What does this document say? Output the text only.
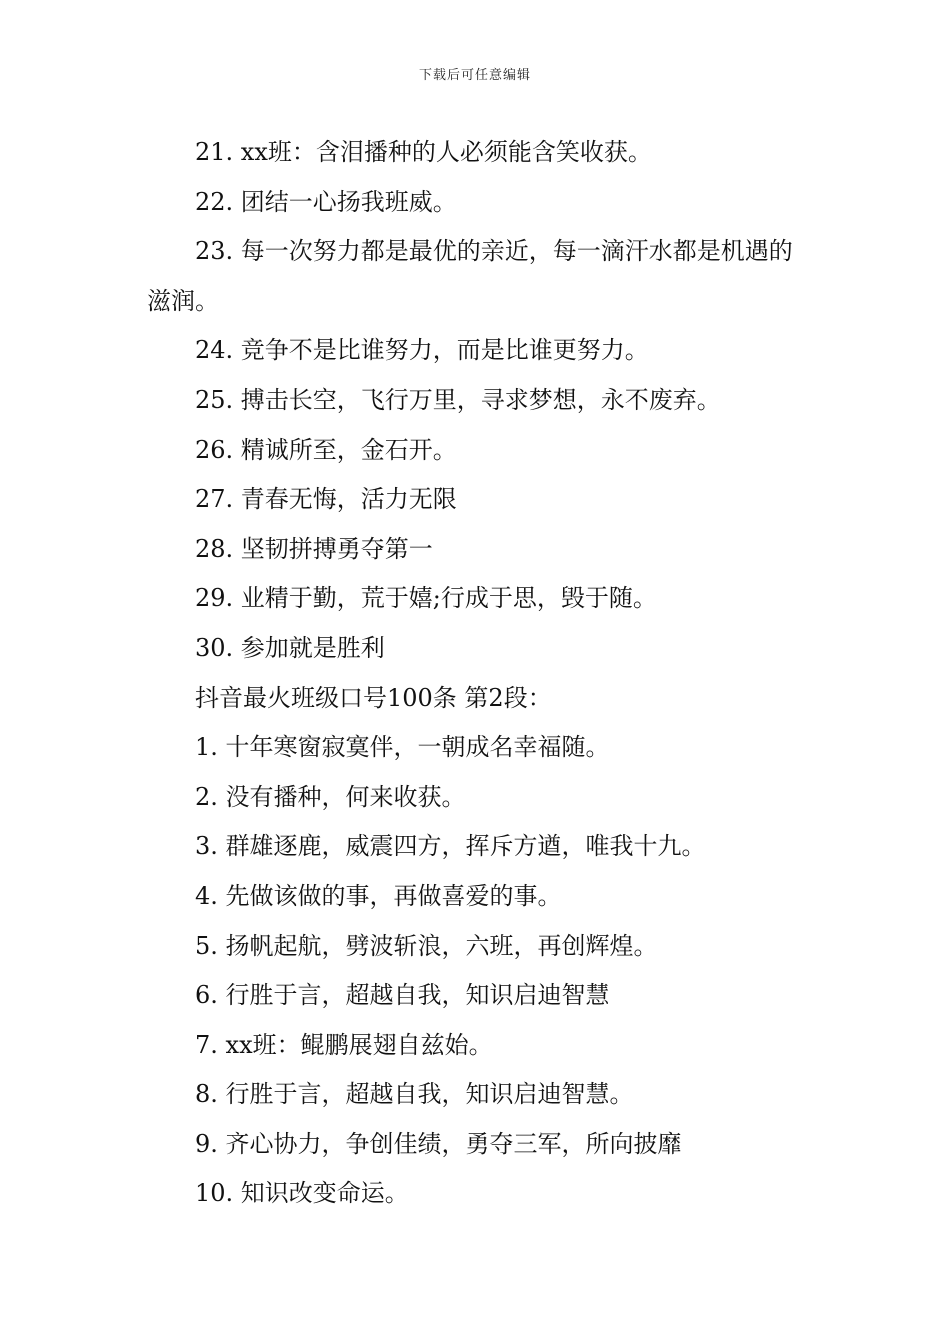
下载后可任意编辑

21. xx班：含泪播种的人必须能含笑收获。

22. 团结一心扬我班威。

23. 每一次努力都是最优的亲近，每一滴汗水都是机遇的滋润。

24. 竞争不是比谁努力，而是比谁更努力。

25. 搏击长空，飞行万里，寻求梦想，永不废弃。

26. 精诚所至，金石开。

27. 青春无悔，活力无限

28. 坚韧拼搏勇夺第一

29. 业精于勤，荒于嬉;行成于思，毁于随。

30. 参加就是胜利

抖音最火班级口号100条 第2段：

1. 十年寒窗寂寞伴，一朝成名幸福随。

2. 没有播种，何来收获。

3. 群雄逐鹿，威震四方，挥斥方遒，唯我十九。

4. 先做该做的事，再做喜爱的事。

5. 扬帆起航，劈波斩浪，六班，再创辉煌。

6. 行胜于言，超越自我，知识启迪智慧

7. xx班：鲲鹏展翅自兹始。

8. 行胜于言，超越自我，知识启迪智慧。

9. 齐心协力，争创佳绩，勇夺三军，所向披靡

10. 知识改变命运。
